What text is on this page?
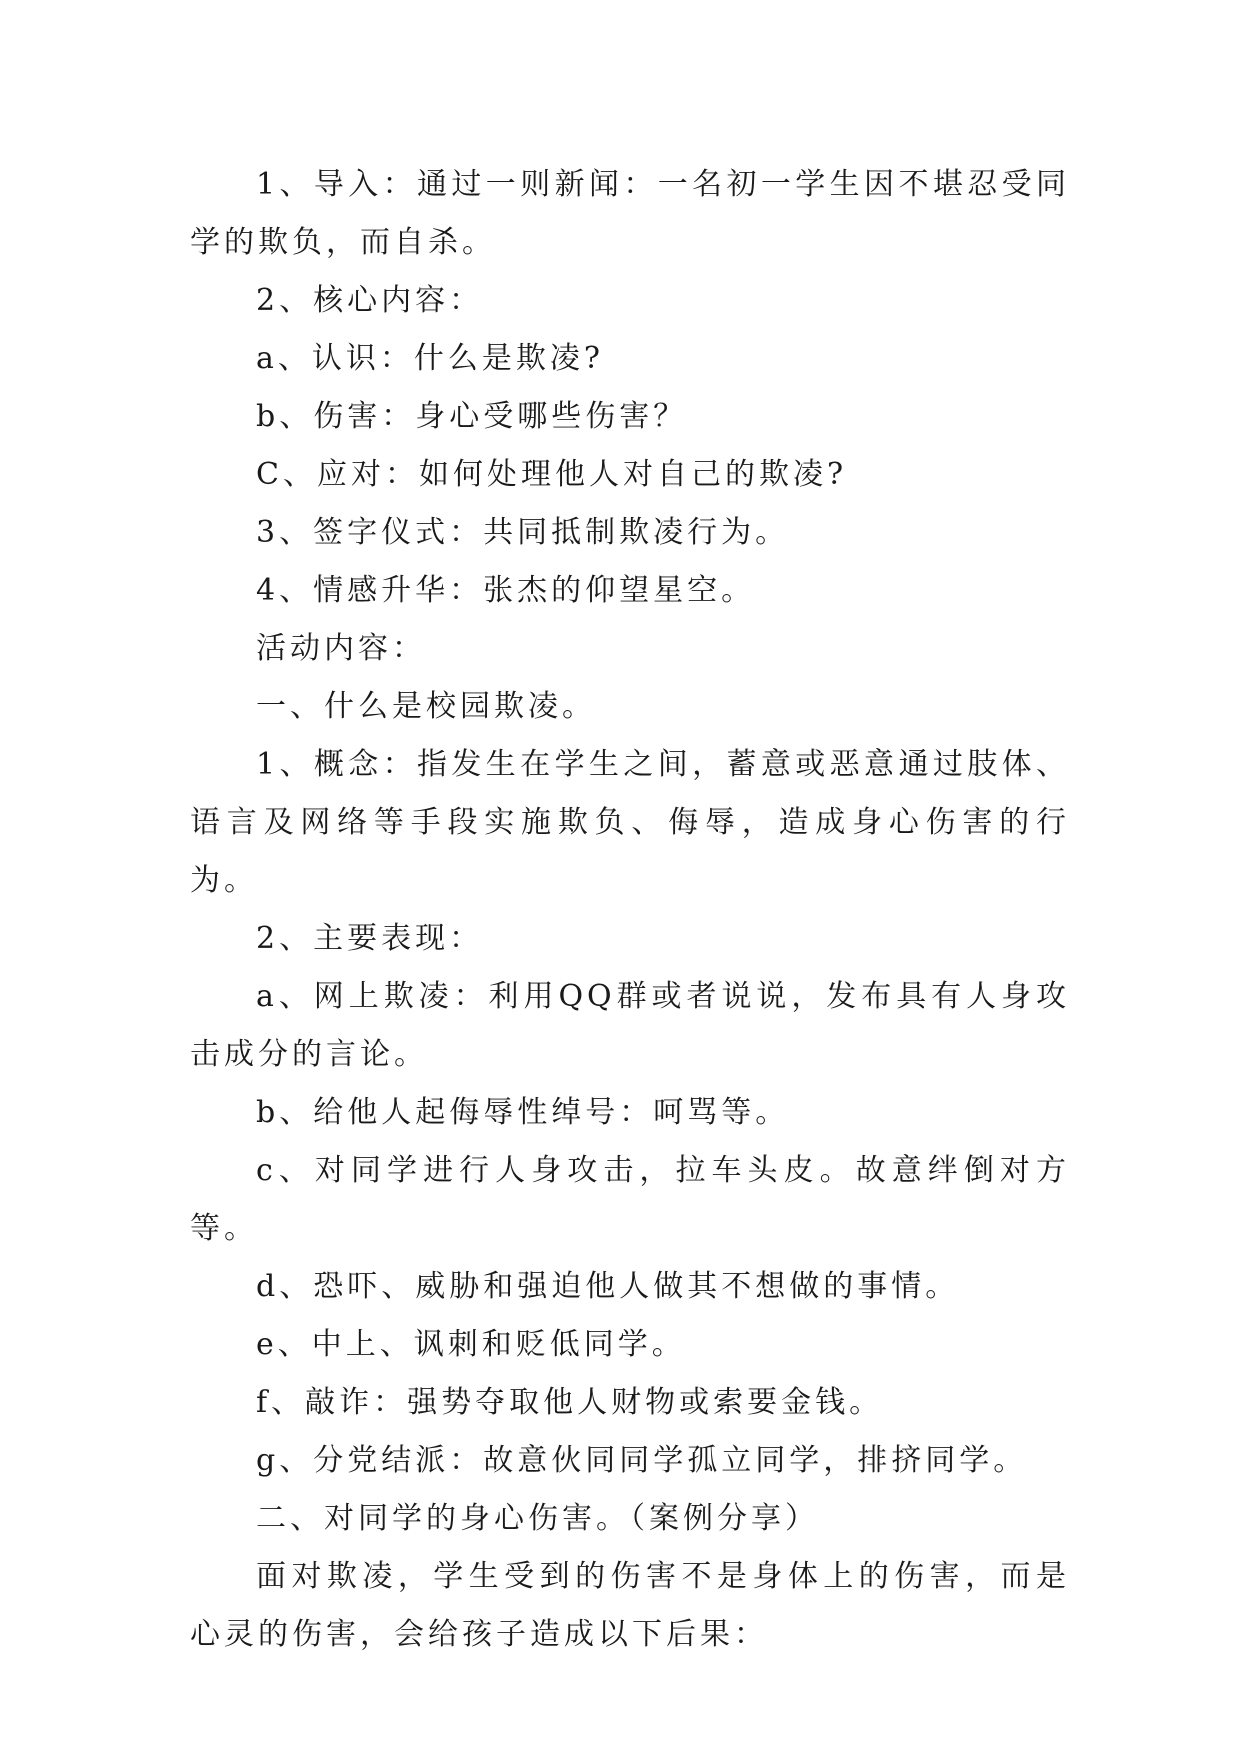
1、导入：通过一则新闻：一名初一学生因不堪忍受同学的欺负，而自杀。

2、核心内容：

a、认识：什么是欺凌?

b、伤害：身心受哪些伤害？

C、应对：如何处理他人对自己的欺凌?

3、签字仪式：共同抵制欺凌行为。

4、情感升华：张杰的仰望星空。

活动内容：

一、什么是校园欺凌。

1、概念：指发生在学生之间，蓄意或恶意通过肢体、语言及网络等手段实施欺负、侮辱，造成身心伤害的行为。

2、主要表现：

a、网上欺凌：利用QQ群或者说说，发布具有人身攻击成分的言论。

b、给他人起侮辱性绰号：呵骂等。

c、对同学进行人身攻击，拉车头皮。故意绊倒对方等。

d、恐吓、威胁和强迫他人做其不想做的事情。

e、中上、讽刺和贬低同学。

f、敲诈：强势夺取他人财物或索要金钱。

g、分党结派：故意伙同同学孤立同学，排挤同学。

二、对同学的身心伤害。（案例分享）

面对欺凌，学生受到的伤害不是身体上的伤害，而是心灵的伤害，会给孩子造成以下后果：
